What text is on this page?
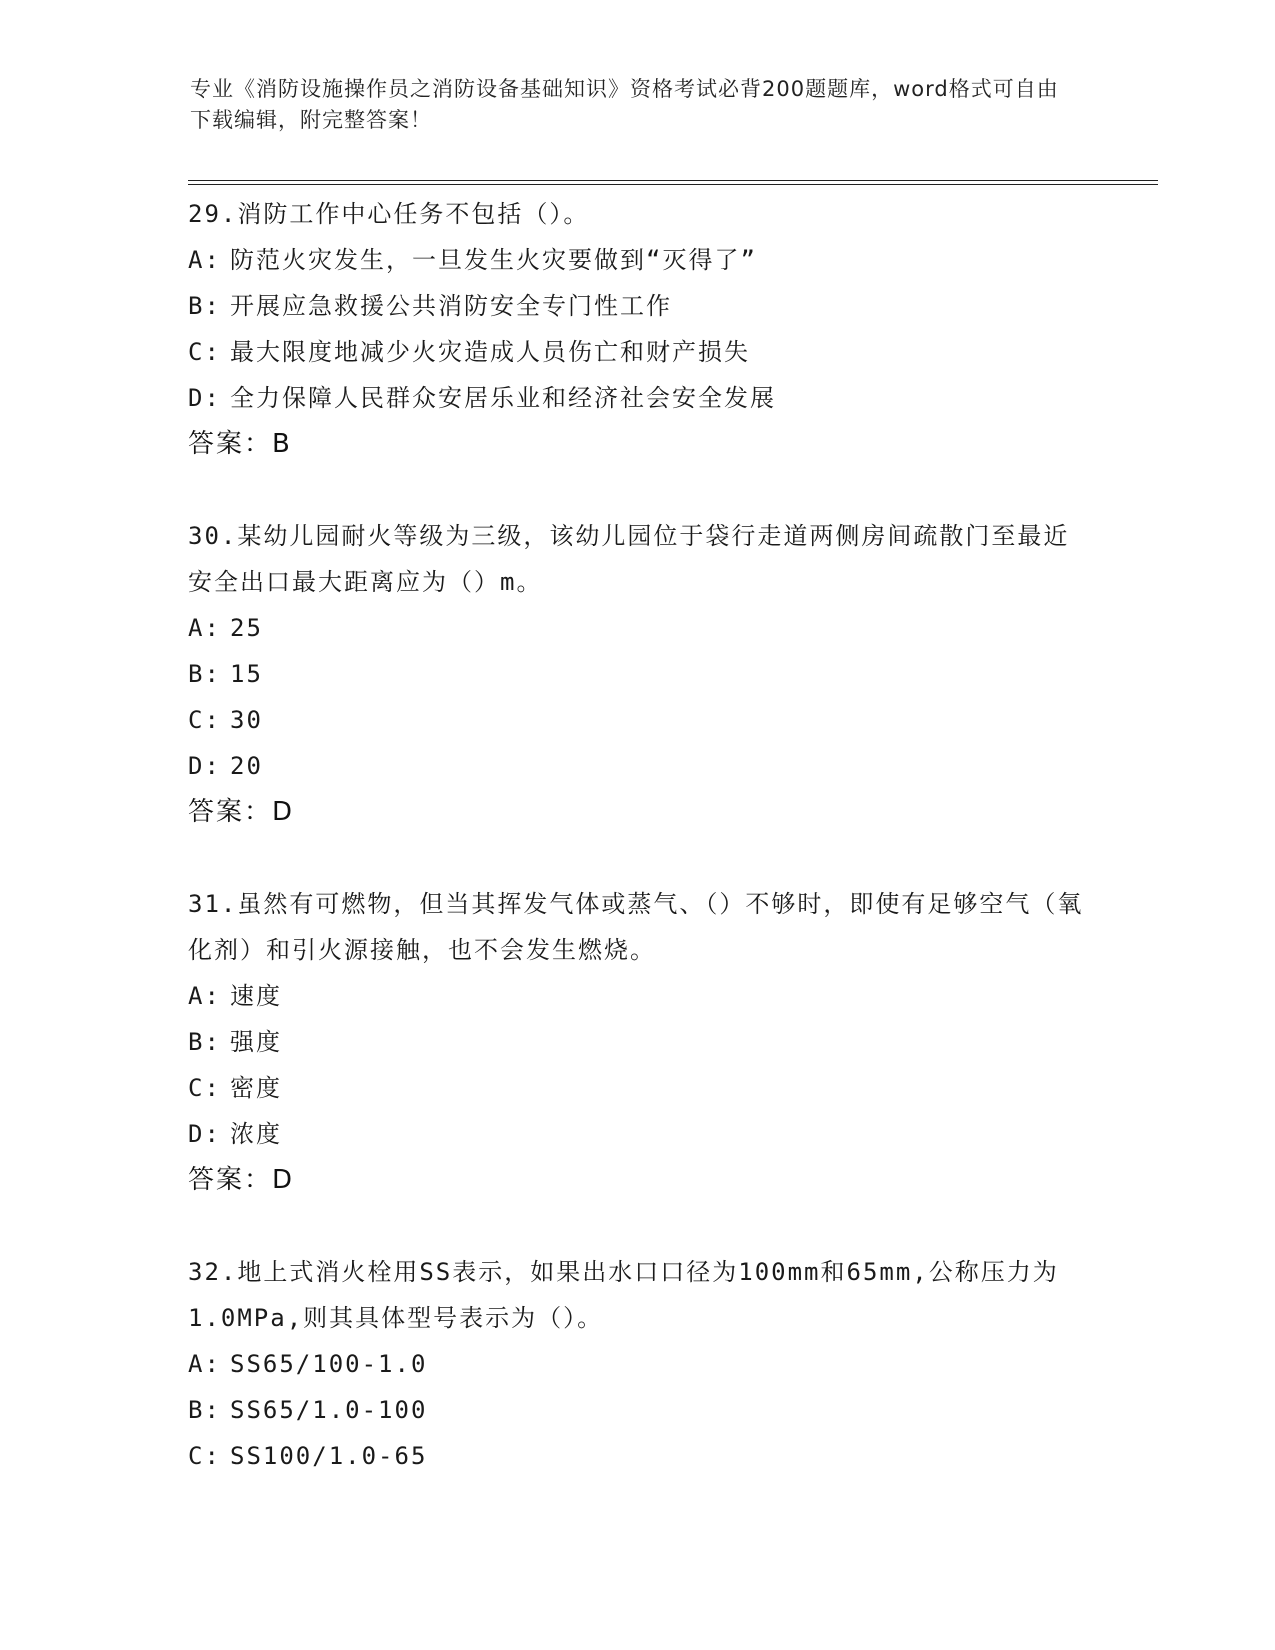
专业《消防设施操作员之消防设备基础知识》资格考试必背200题题库，word格式可自由下载编辑，附完整答案！

29.消防工作中心任务不包括（）。

A: 防范火灾发生，一旦发生火灾要做到“灭得了”

B: 开展应急救援公共消防安全专门性工作

C: 最大限度地减少火灾造成人员伤亡和财产损失

D: 全力保障人民群众安居乐业和经济社会安全发展

答案：B

30.某幼儿园耐火等级为三级，该幼儿园位于袋行走道两侧房间疏散门至最近安全出口最大距离应为（）m。

A: 25

B: 15

C: 30

D: 20

答案：D

31.虽然有可燃物，但当其挥发气体或蒸气、（）不够时，即使有足够空气（氧化剂）和引火源接触，也不会发生燃烧。

A: 速度

B: 强度

C: 密度

D: 浓度

答案：D

32.地上式消火栓用SS表示，如果出水口口径为100mm和65mm,公称压力为1.0MPa,则其具体型号表示为（）。

A: SS65/100-1.0

B: SS65/1.0-100

C: SS100/1.0-65
